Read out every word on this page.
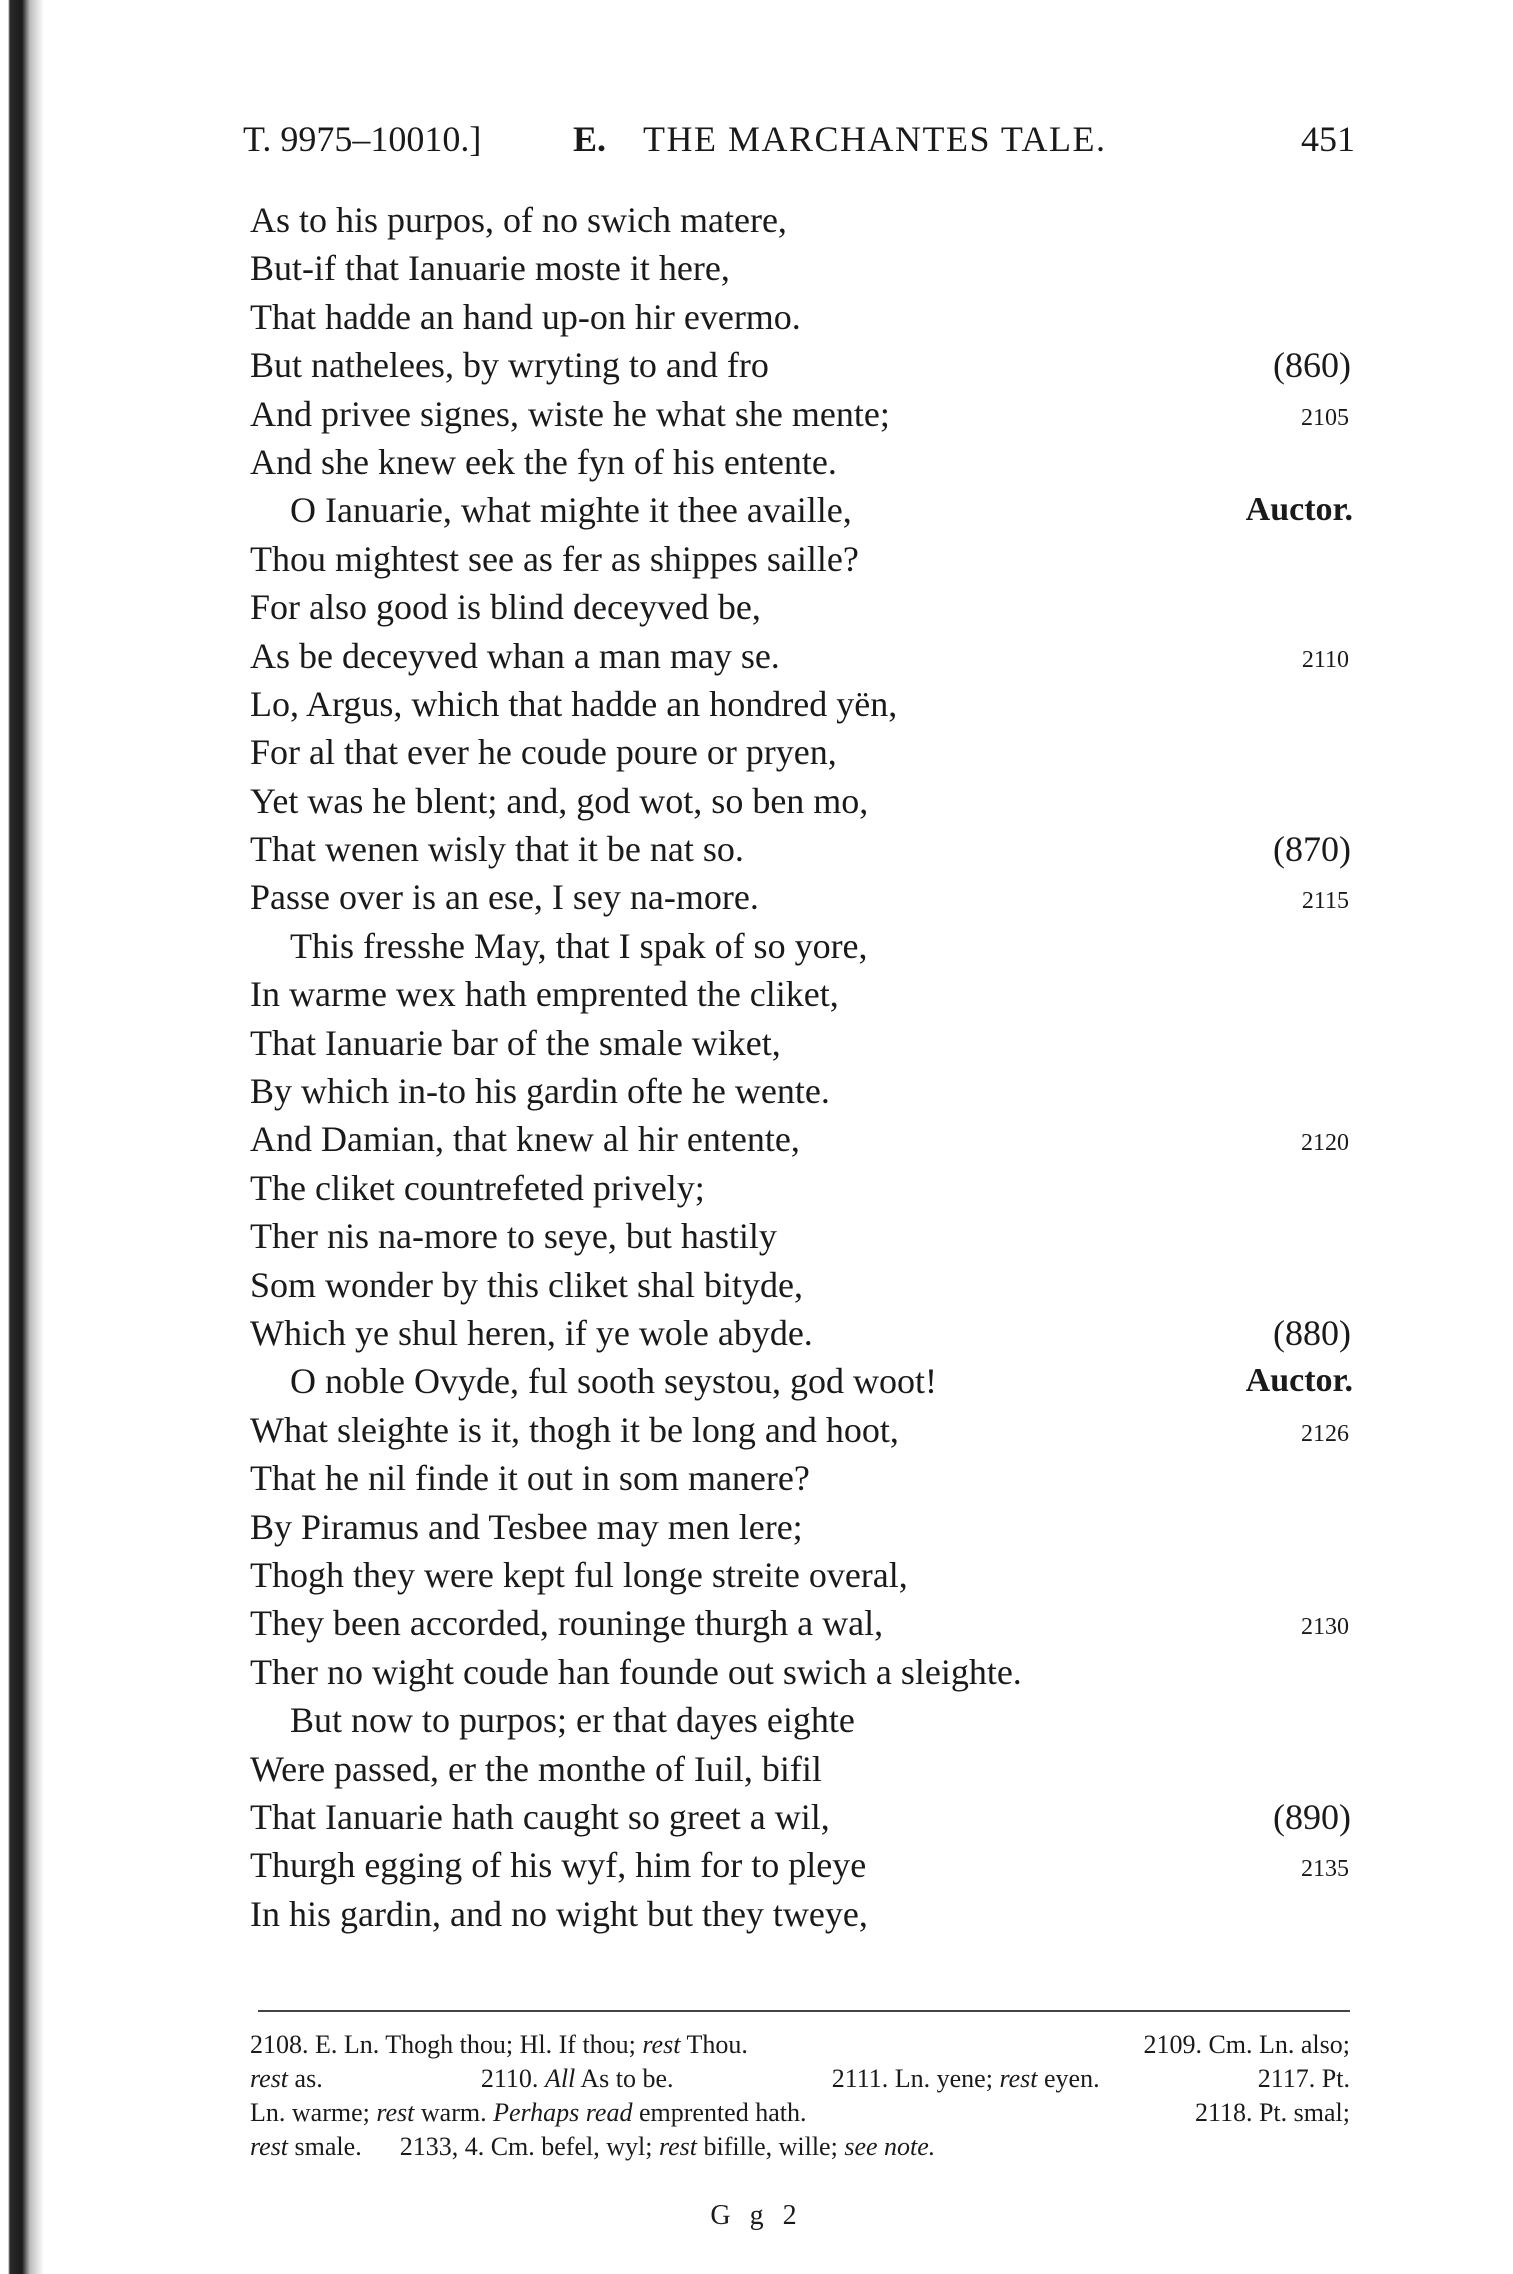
T. 9975–10010.]	E. THE MARCHANTES TALE.	451
As to his purpos, of no swich matere,
But-if that Ianuarie moste it here,
That hadde an hand up-on hir evermo.
But nathelees, by wryting to and fro	(860)
And privee signes, wiste he what she mente;	2105
And she knew eek the fyn of his entente.
O Ianuarie, what mighte it thee availle,	Auctor.
Thou mightest see as fer as shippes saille?
For also good is blind deceyved be,
As be deceyved whan a man may se.	2110
Lo, Argus, which that hadde an hondred yën,
For al that ever he coude poure or pryen,
Yet was he blent; and, god wot, so ben mo,
That wenen wisly that it be nat so.	(870)
Passe over is an ese, I sey na-more.	2115
This fresshe May, that I spak of so yore,
In warme wex hath emprented the cliket,
That Ianuarie bar of the smale wiket,
By which in-to his gardin ofte he wente.
And Damian, that knew al hir entente,	2120
The cliket countrefeted prively;
Ther nis na-more to seye, but hastily
Som wonder by this cliket shal bityde,
Which ye shul heren, if ye wole abyde.	(880)
O noble Ovyde, ful sooth seystou, god woot!	Auctor.
What sleighte is it, thogh it be long and hoot,	2126
That he nil finde it out in som manere?
By Piramus and Tesbee may men lere;
Thogh they were kept ful longe streite overal,
They been accorded, rouninge thurgh a wal,	2130
Ther no wight coude han founde out swich a sleighte.
But now to purpos; er that dayes eighte
Were passed, er the monthe of Iuil, bifil
That Ianuarie hath caught so greet a wil,	(890)
Thurgh egging of his wyf, him for to pleye	2135
In his gardin, and no wight but they tweye,
2108. E. Ln. Thogh thou; Hl. If thou; rest Thou.	2109. Cm. Ln. also;
rest as.	2110. All As to be.	2111. Ln. yene; rest eyen.	2117. Pt.
Ln. warme; rest warm. Perhaps read emprented hath.	2118. Pt. smal;
rest smale. 2133, 4. Cm. befel, wyl; rest bifille, wille; see note.
G g 2
